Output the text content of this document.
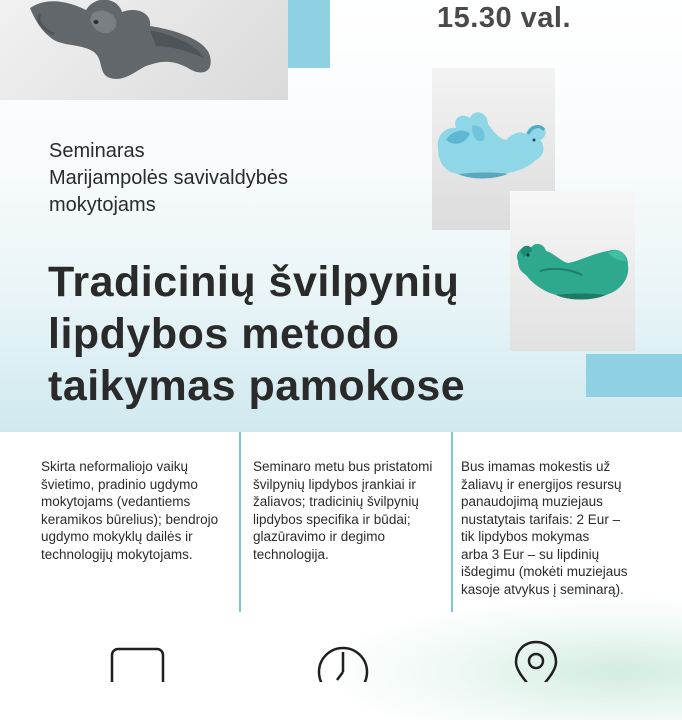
15.30 val.
Seminaras
Marijampolės savivaldybės
mokytojams
Tradicinių švilpynių
lipdybos metodo
taikymas pamokose
Skirta neformaliojo vaikų
švietimo, pradinio ugdymo
mokytojams (vedantiems
keramikos būrelius); bendrojo
ugdymo mokyklų dailės ir
technologijų mokytojams.
Seminaro metu bus pristatomi
švilpynių lipdybos įrankiai ir
žaliavos; tradicinių švilpynių
lipdybos specifika ir būdai;
glazūravimo ir degimo
technologija.
Bus imamas mokestis už
žaliavų ir energijos resursų
panaudojimą muziejaus
nustatytais tarifais: 2 Eur –
tik lipdybos mokymas
arba 3 Eur – su lipdinių
išdegimu (mokėti muziejaus
kasoje atvykus į seminarą).
